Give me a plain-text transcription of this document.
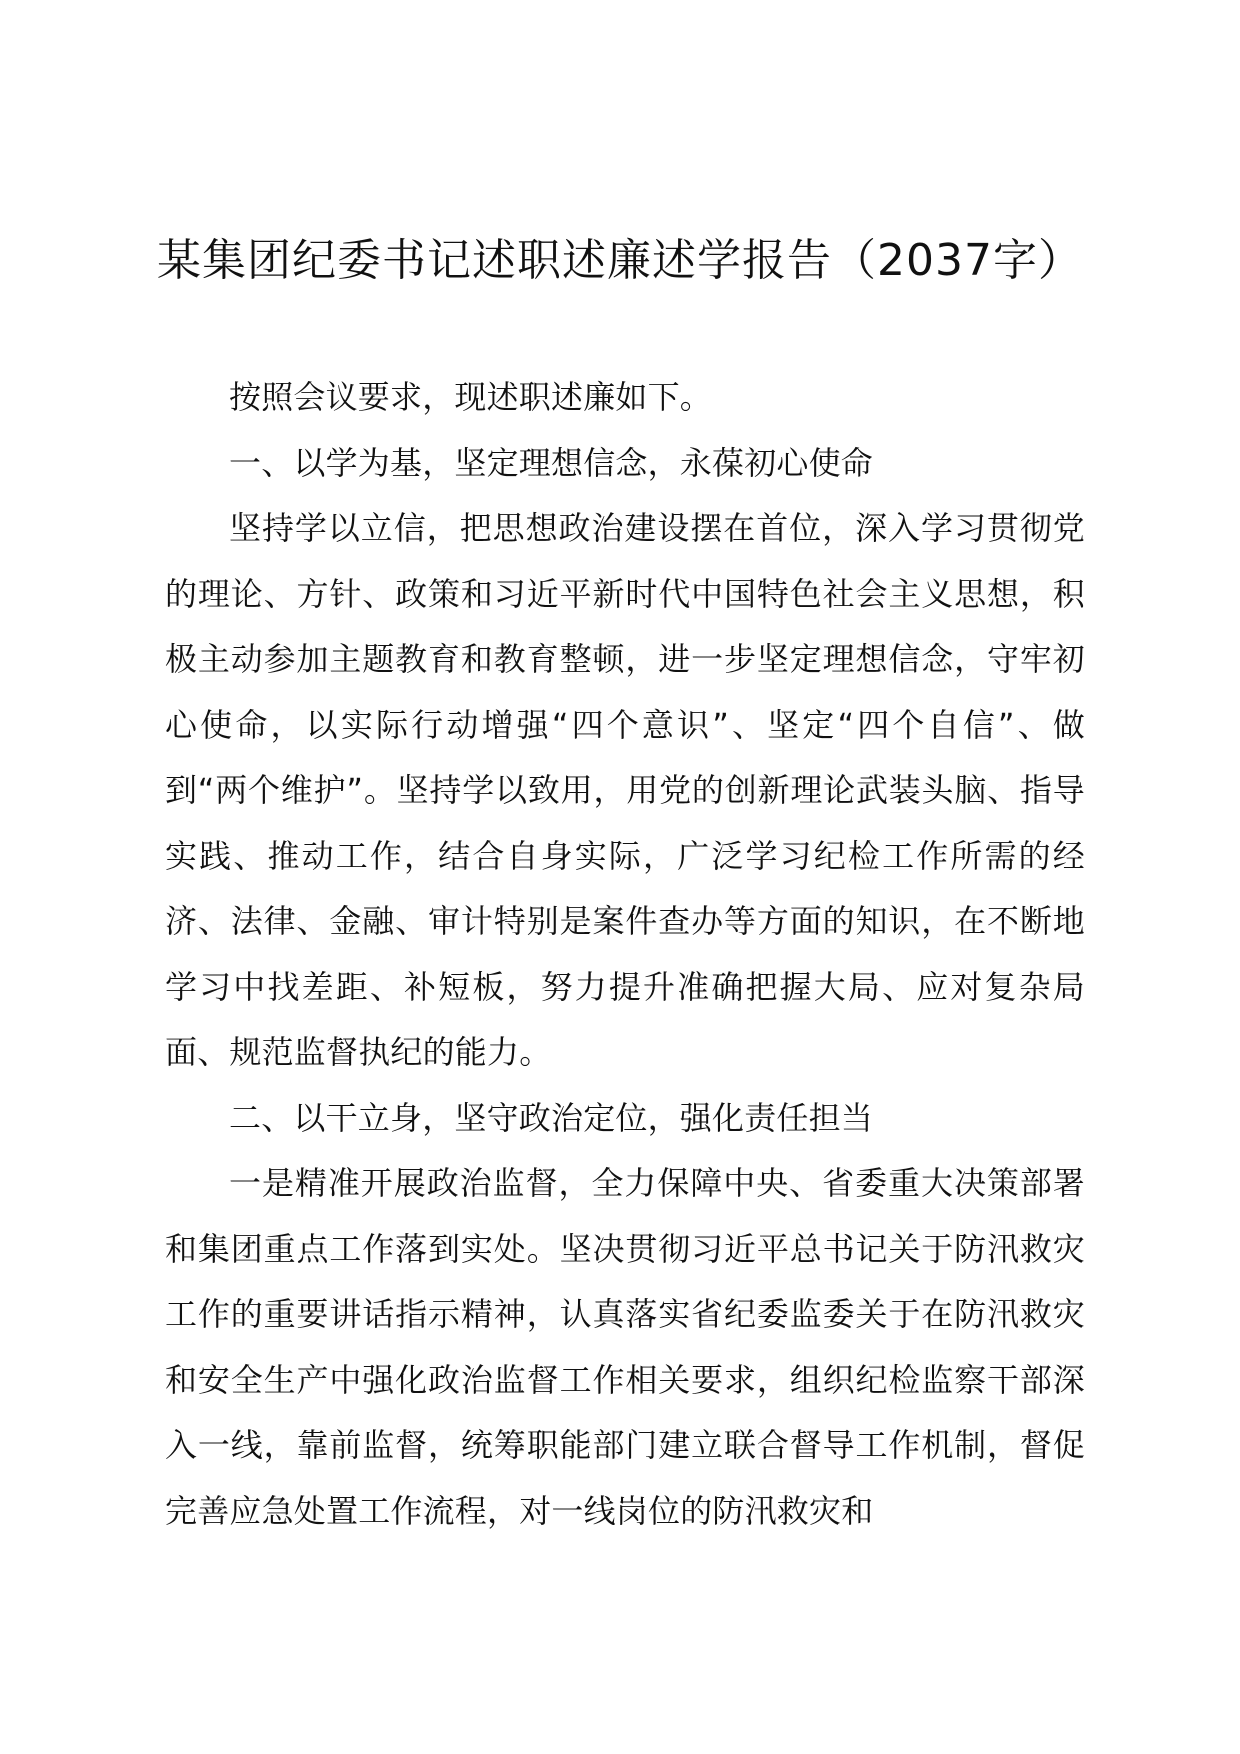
某集团纪委书记述职述廉述学报告（2037字）

按照会议要求，现述职述廉如下。

一、以学为基，坚定理想信念，永葆初心使命

坚持学以立信，把思想政治建设摆在首位，深入学习贯彻党的理论、方针、政策和习近平新时代中国特色社会主义思想，积极主动参加主题教育和教育整顿，进一步坚定理想信念，守牢初心使命，以实际行动增强“四个意识”、坚定“四个自信”、做到“两个维护”。坚持学以致用，用党的创新理论武装头脑、指导实践、推动工作，结合自身实际，广泛学习纪检工作所需的经济、法律、金融、审计特别是案件查办等方面的知识，在不断地学习中找差距、补短板，努力提升准确把握大局、应对复杂局面、规范监督执纪的能力。

二、以干立身，坚守政治定位，强化责任担当

一是精准开展政治监督，全力保障中央、省委重大决策部署和集团重点工作落到实处。坚决贯彻习近平总书记关于防汛救灾工作的重要讲话指示精神，认真落实省纪委监委关于在防汛救灾和安全生产中强化政治监督工作相关要求，组织纪检监察干部深入一线，靠前监督，统筹职能部门建立联合督导工作机制，督促完善应急处置工作流程，对一线岗位的防汛救灾和
